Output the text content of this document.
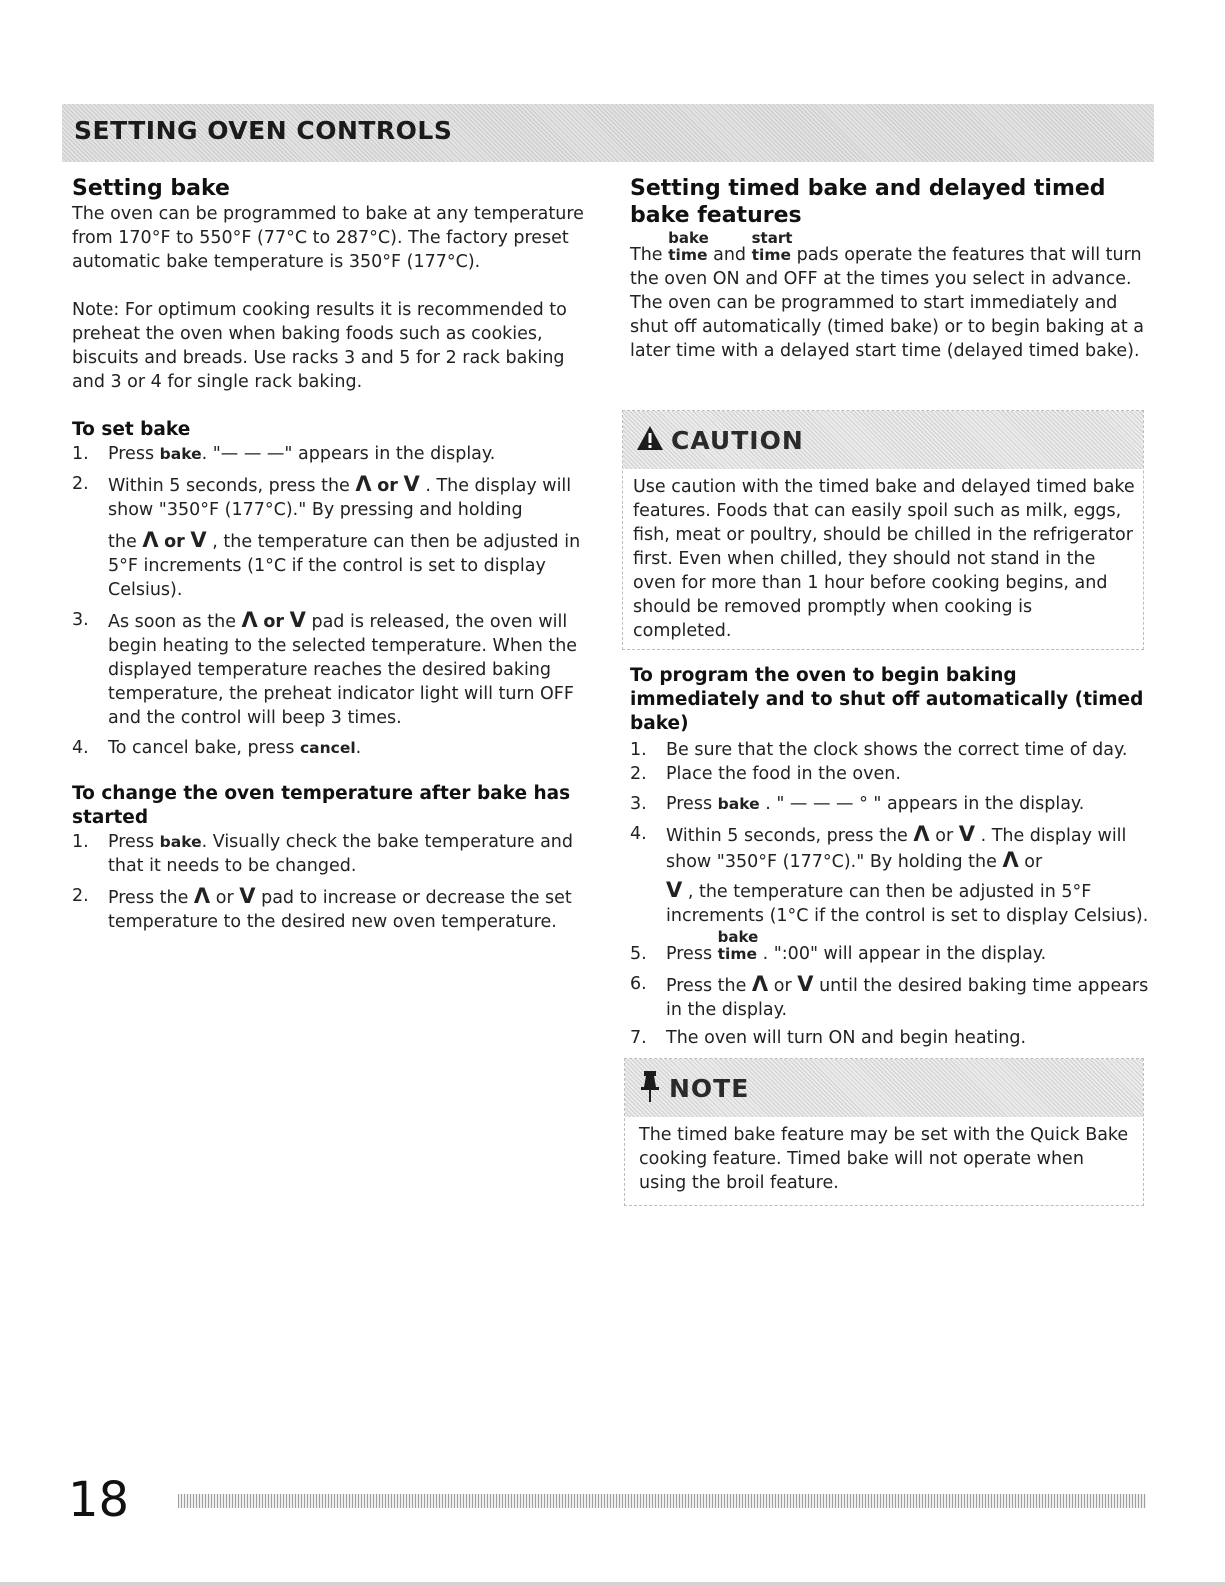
SETTING OVEN CONTROLS
Setting bake

The oven can be programmed to bake at any temperature from 170°F to 550°F (77°C to 287°C). The factory preset automatic bake temperature is 350°F (177°C).

Note: For optimum cooking results it is recommended to preheat the oven when baking foods such as cookies, biscuits and breads. Use racks 3 and 5 for 2 rack baking and 3 or 4 for single rack baking.

To set bake
1.	Press bake. "— — —" appears in the display.
2.	Within 5 seconds, press the Λ or V . The display will show "350°F (177°C)." By pressing and holding
the Λ or V , the temperature can then be adjusted in 5°F increments (1°C if the control is set to display Celsius).
3.	As soon as the Λ or V pad is released, the oven will begin heating to the selected temperature. When the displayed temperature reaches the desired baking temperature, the preheat indicator light will turn OFF and the control will beep 3 times.
4.	To cancel bake, press cancel.
To change the oven temperature after bake has started
1.	Press bake. Visually check the bake temperature and that it needs to be changed.
2.	Press the Λ or V pad to increase or decrease the set temperature to the desired new oven temperature.
Setting timed bake and delayed timed bake features

The
bake
time and
start
time pads operate the features that will turn the oven ON and OFF at the times you select in advance. The oven can be programmed to start immediately and shut off automatically (timed bake) or to begin baking at a later time with a delayed start time (delayed timed bake).

CAUTION

Use caution with the timed bake and delayed timed bake features. Foods that can easily spoil such as milk, eggs, fish, meat or poultry, should be chilled in the refrigerator first. Even when chilled, they should not stand in the oven for more than 1 hour before cooking begins, and should be removed promptly when cooking is completed.

To program the oven to begin baking immediately and to shut off automatically (timed bake)
1.	Be sure that the clock shows the correct time of day.
2.	Place the food in the oven.
3.	Press bake . " — — — ° " appears in the display.
4.	Within 5 seconds, press the Λ or V . The display will show "350°F (177°C)." By holding the Λ or
V , the temperature can then be adjusted in 5°F increments (1°C if the control is set to display Celsius).
5.	Press
bake
time . ":00" will appear in the display.
6.	Press the Λ or V until the desired baking time appears in the display.
7.	The oven will turn ON and begin heating.
NOTE

The timed bake feature may be set with the Quick Bake cooking feature. Timed bake will not operate when using the broil feature.

18
